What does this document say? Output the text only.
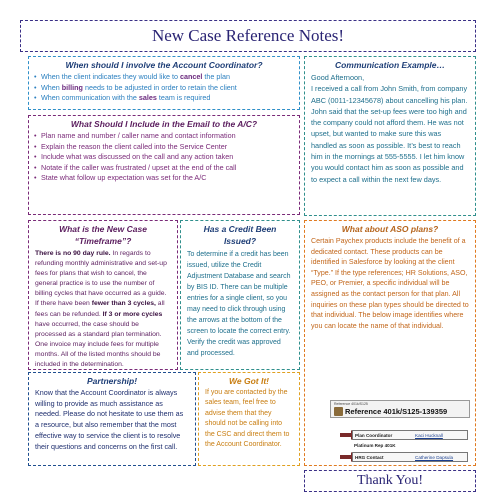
New Case Reference Notes!
When should I involve the Account Coordinator?
• When the client indicates they would like to cancel the plan
• When billing needs to be adjusted in order to retain the client
• When communication with the sales team is required
What Should I Include in the Email to the A/C?
• Plan name and number / caller name and contact information
• Explain the reason the client called into the Service Center
• Include what was discussed on the call and any action taken
• Notate if the caller was frustrated / upset at the end of the call
• State what follow up expectation was set for the A/C
What is the New Case
“Timeframe”?
There is no 90 day rule. In regards to refunding monthly administrative and set-up fees for plans that wish to cancel, the general practice is to use the number of billing cycles that have occurred as a guide. If there have been fewer than 3 cycles, all fees can be refunded. If 3 or more cycles have occurred, the case should be processed as a standard plan termination. One invoice may include fees for multiple months. All of the listed months should be included in the determination.
Has a Credit Been
Issued?
To determine if a credit has been issued, utilize the Credit Adjustment Database and search by BIS ID. There can be multiple entries for a single client, so you may need to click through using the arrows at the bottom of the screen to locate the correct entry. Verify the credit was approved and processed.
Partnership!
Know that the Account Coordinator is always willing to provide as much assistance as needed. Please do not hesitate to use them as a resource, but also remember that the most effective way to service the client is to resolve their questions and concerns on the first call.
We Got It!
If you are contacted by the sales team, feel free to advise them that they should not be calling into the CSC and direct them to the Account Coordinator.
Communication Example…
Good Afternoon,
I received a call from John Smith, from company ABC (0011-12345678) about cancelling his plan. John said that the set-up fees were too high and the company could not afford them. He was not upset, but wanted to make sure this was handled as soon as possible. It’s best to reach him in the mornings at 555-5555. I let him know you would contact him as soon as possible and to expect a call within the next few days.
What about ASO plans?
Certain Paychex products include the benefit of a dedicated contact. These products can be identified in Salesforce by looking at the client “Type.” If the type references; HR Solutions, ASO, PEO, or Premier, a specific individual will be assigned as the contact person for that plan. All inquiries on these plan types should be directed to that individual. The below image identifies where you can locate the name of that individual.
Reference 401k/S125
Reference 401k/S125-139359
Plan Coordinator	Kaci Hucknall
Platinum Rep 401K
HRG Contact	Catherine Dapsula
Thank You!
